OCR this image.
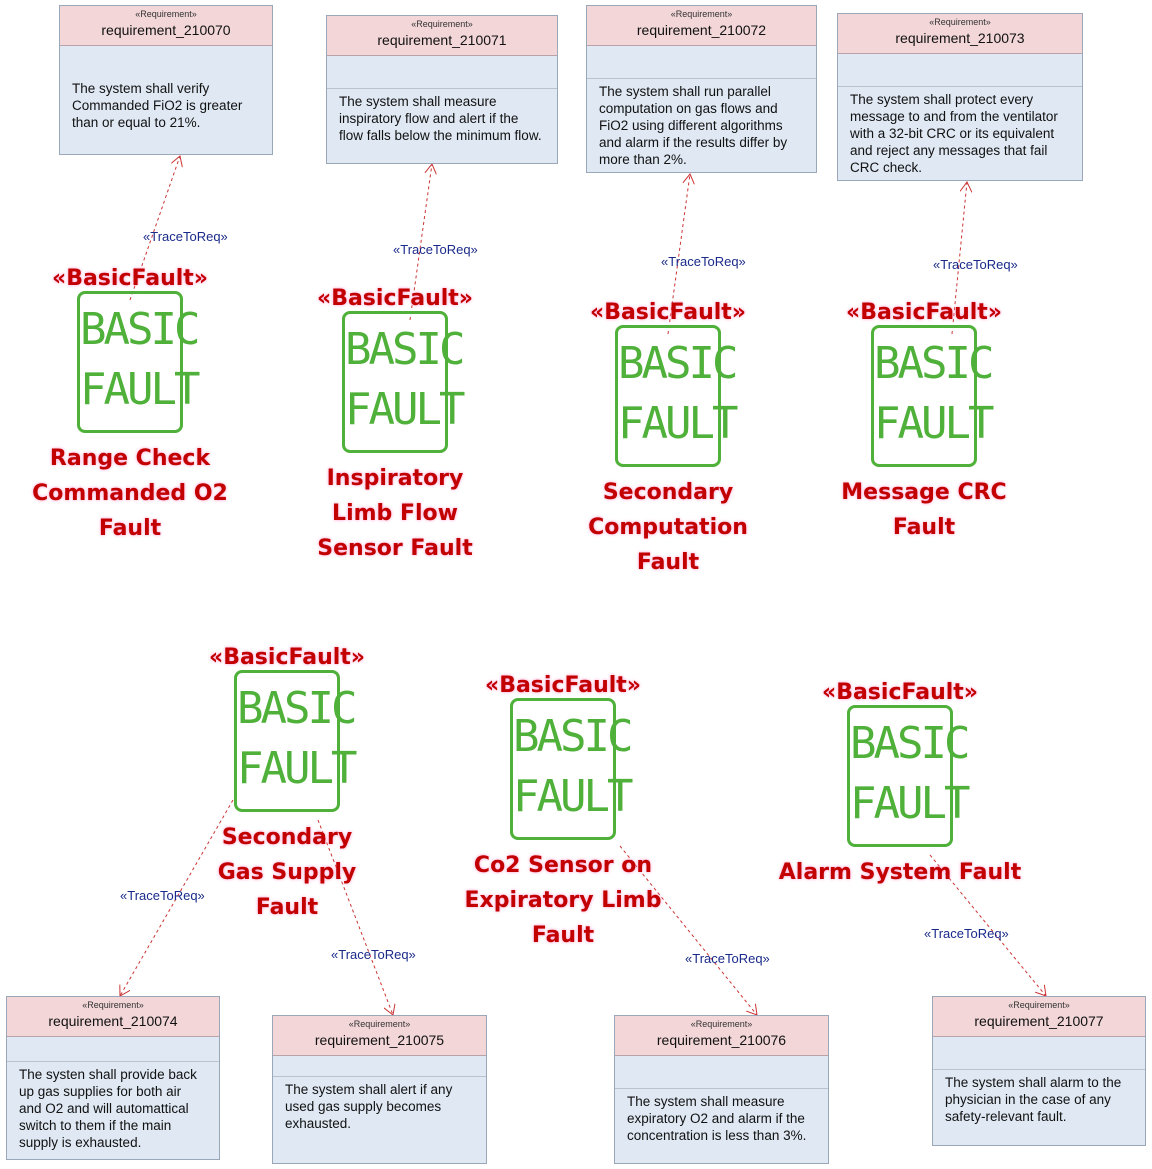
«Requirement»
requirement_210070
The system shall verify Commanded FiO2 is greater than or equal to 21%.
«Requirement»
requirement_210071
The system shall measure inspiratory flow and alert if the flow falls below the minimum flow.
«Requirement»
requirement_210072
The system shall run parallel computation on gas flows and FiO2 using different algorithms and alarm if the results differ by more than 2%.
«Requirement»
requirement_210073
The system shall protect every message to and from the ventilator with a 32-bit CRC or its equivalent and reject any messages that fail CRC check.
«Requirement»
requirement_210074
The systen shall provide back up gas supplies for both air and O2 and will automattical switch to them if the main supply is exhausted.
«Requirement»
requirement_210075
The system shall alert if any used gas supply becomes exhausted.
«Requirement»
requirement_210076
The system shall measure expiratory O2 and alarm if the concentration is less than 3%.
«Requirement»
requirement_210077
The system shall alarm to the physician in the case of any safety-relevant fault.
«TraceToReq»
«TraceToReq»
«TraceToReq»	«TraceToReq»
«TraceToReq»
«TraceToReq»	«TraceToReq»
«TraceToReq»
«BasicFault»
BASIC
FAULT
Range Check Commanded O2 Fault
«BasicFault»
BASIC
FAULT
Inspiratory Limb Flow Sensor Fault
«BasicFault»
BASIC
FAULT
Secondary Computation Fault
«BasicFault»
BASIC
FAULT
Message CRC Fault
«BasicFault»
BASIC
FAULT
Secondary Gas Supply Fault
«BasicFault»
BASIC
FAULT
Co2 Sensor on Expiratory Limb Fault
«BasicFault»
BASIC
FAULT
Alarm System Fault
